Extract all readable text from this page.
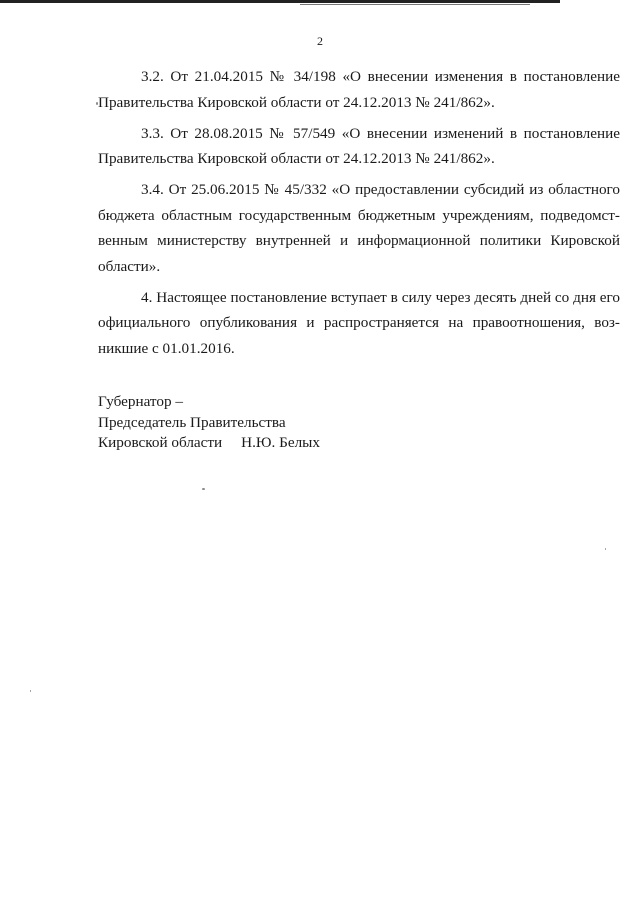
2

3.2. От 21.04.2015 № 34/198 «О внесении изменения в постановление
Правительства Кировской области от 24.12.2013 № 241/862».

3.3. От 28.08.2015 № 57/549 «О внесении изменений в постановление
Правительства Кировской области от 24.12.2013 № 241/862».

3.4. От 25.06.2015 № 45/332 «О предоставлении субсидий из областного
бюджета областным государственным бюджетным учреждениям, подведомст-
венным министерству внутренней и информационной политики Кировской
области».

4. Настоящее постановление вступает в силу через десять дней со дня его
официального опубликования и распространяется на правоотношения, воз-
никшие с 01.01.2016.

Губернатор –
Председатель Правительства
Кировской области     Н.Ю. Белых
